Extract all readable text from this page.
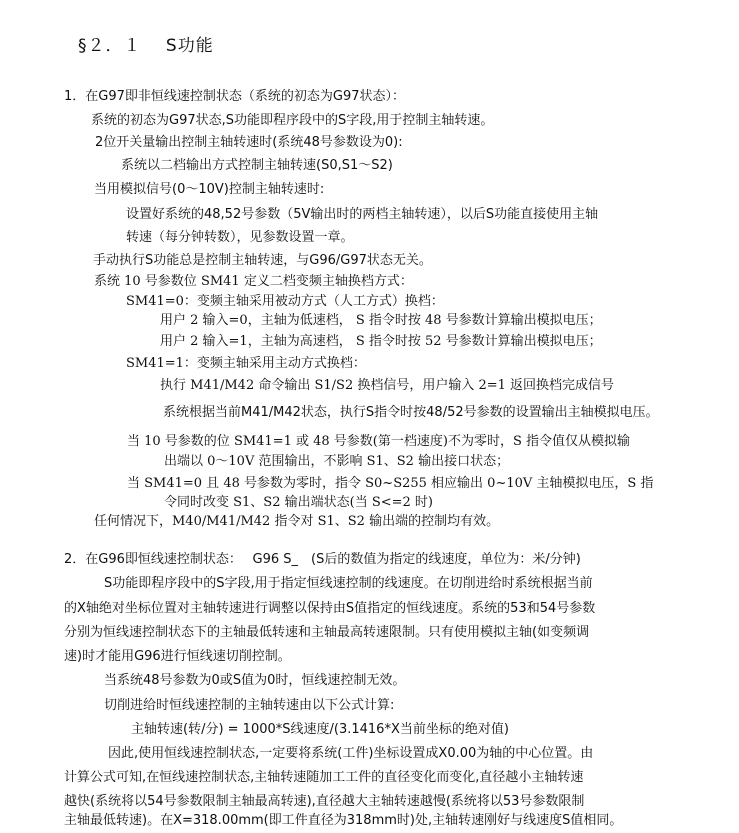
§２．１　 S功能
1．在G97即非恒线速控制状态（系统的初态为G97状态）：
系统的初态为G97状态,S功能即程序段中的S字段,用于控制主轴转速。
2位开关量输出控制主轴转速时(系统48号参数设为0):
系统以二档输出方式控制主轴转速(S0,S1～S2)
当用模拟信号(0～10V)控制主轴转速时:
设置好系统的48,52号参数（5V输出时的两档主轴转速），以后S功能直接使用主轴
转速（每分钟转数），见参数设置一章。
手动执行S功能总是控制主轴转速，与G96/G97状态无关。
系统 10 号参数位 SM41 定义二档变频主轴换档方式：
SM41=0：变频主轴采用被动方式（人工方式）换档：
用户 2 输入=0，主轴为低速档， S 指令时按 48 号参数计算输出模拟电压；
用户 2 输入=1，主轴为高速档， S 指令时按 52 号参数计算输出模拟电压；
SM41=1：变频主轴采用主动方式换档：
执行 M41/M42 命令输出 S1/S2 换档信号，用户输入 2=1 返回换档完成信号
系统根据当前M41/M42状态，执行S指令时按48/52号参数的设置输出主轴模拟电压。
当 10 号参数的位 SM41=1 或 48 号参数(第一档速度)不为零时，S 指令值仅从模拟输
出端以 0～10V 范围输出，不影响 S1、S2 输出接口状态；
当 SM41=0 且 48 号参数为零时，指令 S0~S255 相应输出 0~10V 主轴模拟电压，S 指
令同时改变 S1、S2 输出端状态(当 S<=2 时)
任何情况下，M40/M41/M42 指令对 S1、S2 输出端的控制均有效。
2．在G96即恒线速控制状态：　 G96 S_　(S后的数值为指定的线速度，单位为：米/分钟)
S功能即程序段中的S字段,用于指定恒线速控制的线速度。在切削进给时系统根据当前
的X轴绝对坐标位置对主轴转速进行调整以保持由S值指定的恒线速度。系统的53和54号参数
分别为恒线速控制状态下的主轴最低转速和主轴最高转速限制。只有使用模拟主轴(如变频调
速)时才能用G96进行恒线速切削控制。
当系统48号参数为0或S值为0时，恒线速控制无效。
切削进给时恒线速控制的主轴转速由以下公式计算:
主轴转速(转/分) = 1000*S线速度/(3.1416*X当前坐标的绝对值)
因此,使用恒线速控制状态,一定要将系统(工件)坐标设置成X0.00为轴的中心位置。由
计算公式可知,在恒线速控制状态,主轴转速随加工工件的直径变化而变化,直径越小主轴转速
越快(系统将以54号参数限制主轴最高转速),直径越大主轴转速越慢(系统将以53号参数限制
主轴最低转速)。在X=318.00mm(即工件直径为318mm时)处,主轴转速刚好与线速度S值相同。
